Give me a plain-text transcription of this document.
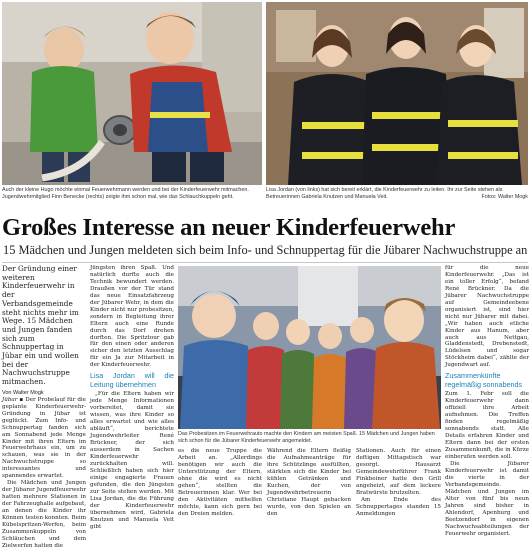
Auch der kleine Hugo möchte einmal Feuerwehrmann werden und bei der Kinderfeuerwehr mitmachen. Jugendwehrmitglied Finn Benecke (rechts) zeigte ihm schon mal, wie das Schlauchkuppeln geht.
Lisa Jordan (von links) hat sich bereit erklärt, die Kinderfeuerwehr zu leiten. Ihr zur Seite stehen als Betreuerinnen Gabriela Knutzen und Manuela Veit.	Fotos: Walter Mogk
Großes Interesse an neuer Kinderfeuerwehr
15 Mädchen und Jungen meldeten sich beim Info- und Schnuppertag für die Jübarer Nachwuchstruppe an
Der Gründung einer weiteren Kinderfeuerwehr in der Verbandsgemeinde steht nichts mehr im Wege. 15 Mädchen und Jungen fanden sich zum Schnuppertag in Jübar ein und wollen bei der Nachwuchstruppe mitmachen.
Von Walter Mogk

Jübar ▪ Der Probelauf für die geplante Kinderfeuerwehr-Gründung in Jübar ist geglückt. Zum Info- und Schnuppertag fanden sich am Sonnabend jede Menge Kinder mit ihren Eltern im Feuerwehrhaus ein, um zu schauen, was sie in der Nachwuchstruppe so interessantes und spannendes erwartet.

Die Mädchen und Jungen der Jübarer Jugendfeuerwehr hatten mehrere Stationen in der Fahrzeughalle aufgebaut, an denen die Kinder ihr Können testen konnten. Beim Kübelspritzen-Werfen, beim Zusammenkuppeln von Schläuchen und dem Zielwerfen hatten die

Jüngsten ihren Spaß. Und natürlich durfte auch die Technik bewundert werden. Draußen vor der Tür stand das neue Einsatzfahrzeug der Jübarer Wehr, in dem die Kinder nicht nur probesitzen, sondern in Begleitung ihrer Eltern auch eine Runde durch das Dorf drehen durften. Die Spritztour gab für den einen oder anderen sicher den letzten Ausschlag für ein Ja zur Mitarbeit in der Kinderfeuerwehr.

Lisa Jordan will die Leitung übernehmen

„Für die Eltern haben wir jede Menge Informationen vorbereitet, damit sie wissen, was ihre Kinder so alles erwartet und wie alles abläuft“, berichtete Jugendwehrleiter René Brückner, der sich ausserdem in Sachen Kinderfeuerwehr zurückhalten will. Schließlich haben sich hier einige engagierte Frauen gefunden, die den Jüngsten zur Seite stehen werden. Mit Lisa Jordan, die die Führung der Kinderfeuerwehr übernehmen wird, Gabriela Knutzen und Manuela Veit gibt

Das Probesitzen im Feuerwehrauto machte den Kindern am meisten Spaß. 15 Mädchen und Jungen haben sich schon für die Jübarer Kinderfeuerwehr angemeldet.

es die neue Truppe die Arbeit an. „Allerdings benötigen wir auch die Unterstützung der Eltern, ohne die wird es nicht gehen“, stellten die Betreuerinnen klar. Wer bei den Aktivitäten mithelfen möchte, kann sich gern bei den Dreien melden.

Während die Eltern fleißig die Aufnahmeanträge für ihre Schützlinge ausfüllten, stärkten sich die Kinder bei kühlen Getränken und Kuchen, der von Jugendwehrbetreuerin Christiane Haupt gebacken wurde, von den Spielen an den

Stationen. Auch für einen deftigen Mittagstisch war gesorgt. Hausarzt Gemeindewehrführer Frank Finkbeiner hatte den Grill angeheizt, auf dem leckere Bratwürste brutzelten.

Am Ende des Schnuppertages standen 15 Anmeldungen

für die neue Kinderfeuerwehr. „Das ist ein toller Erfolg“, befand René Brückner. Da die Jübarer Nachwuchstruppe auf Gemeindeebene organisiert ist, sind hier nicht nur Jübarer mit dabei. „Wir haben auch etliche Kinder aus Hanum, aber auch aus Nettgau, Gladdenstedt, Drebenstedt, Lüdelsen und sogar Stöckheim dabei“, zählte der Jugendwart auf.

Zusammenkünfte regelmäßig sonnabends

Zum 1. Febr soll die Kinderfeuerwehr dann offiziell ihre Arbeit aufnehmen. Die Treffen finden regelmäßig sonnabends statt. Alle Details erfahren Kinder und Eltern dann bei der ersten Zusammenkunft, die in Kürze einberufen werden soll.

Die Jübarer Kinderfeuerwehr ist damit die vierte in der Verbandsgemeinde. Mädchen und Jungen im Alter von fünf bis neun Jahren sind bisher in Ahlendorf, Apenburg und Beetzendorf in eigenen Nachwuchsabteilungen der Feuerwehr organisiert.
